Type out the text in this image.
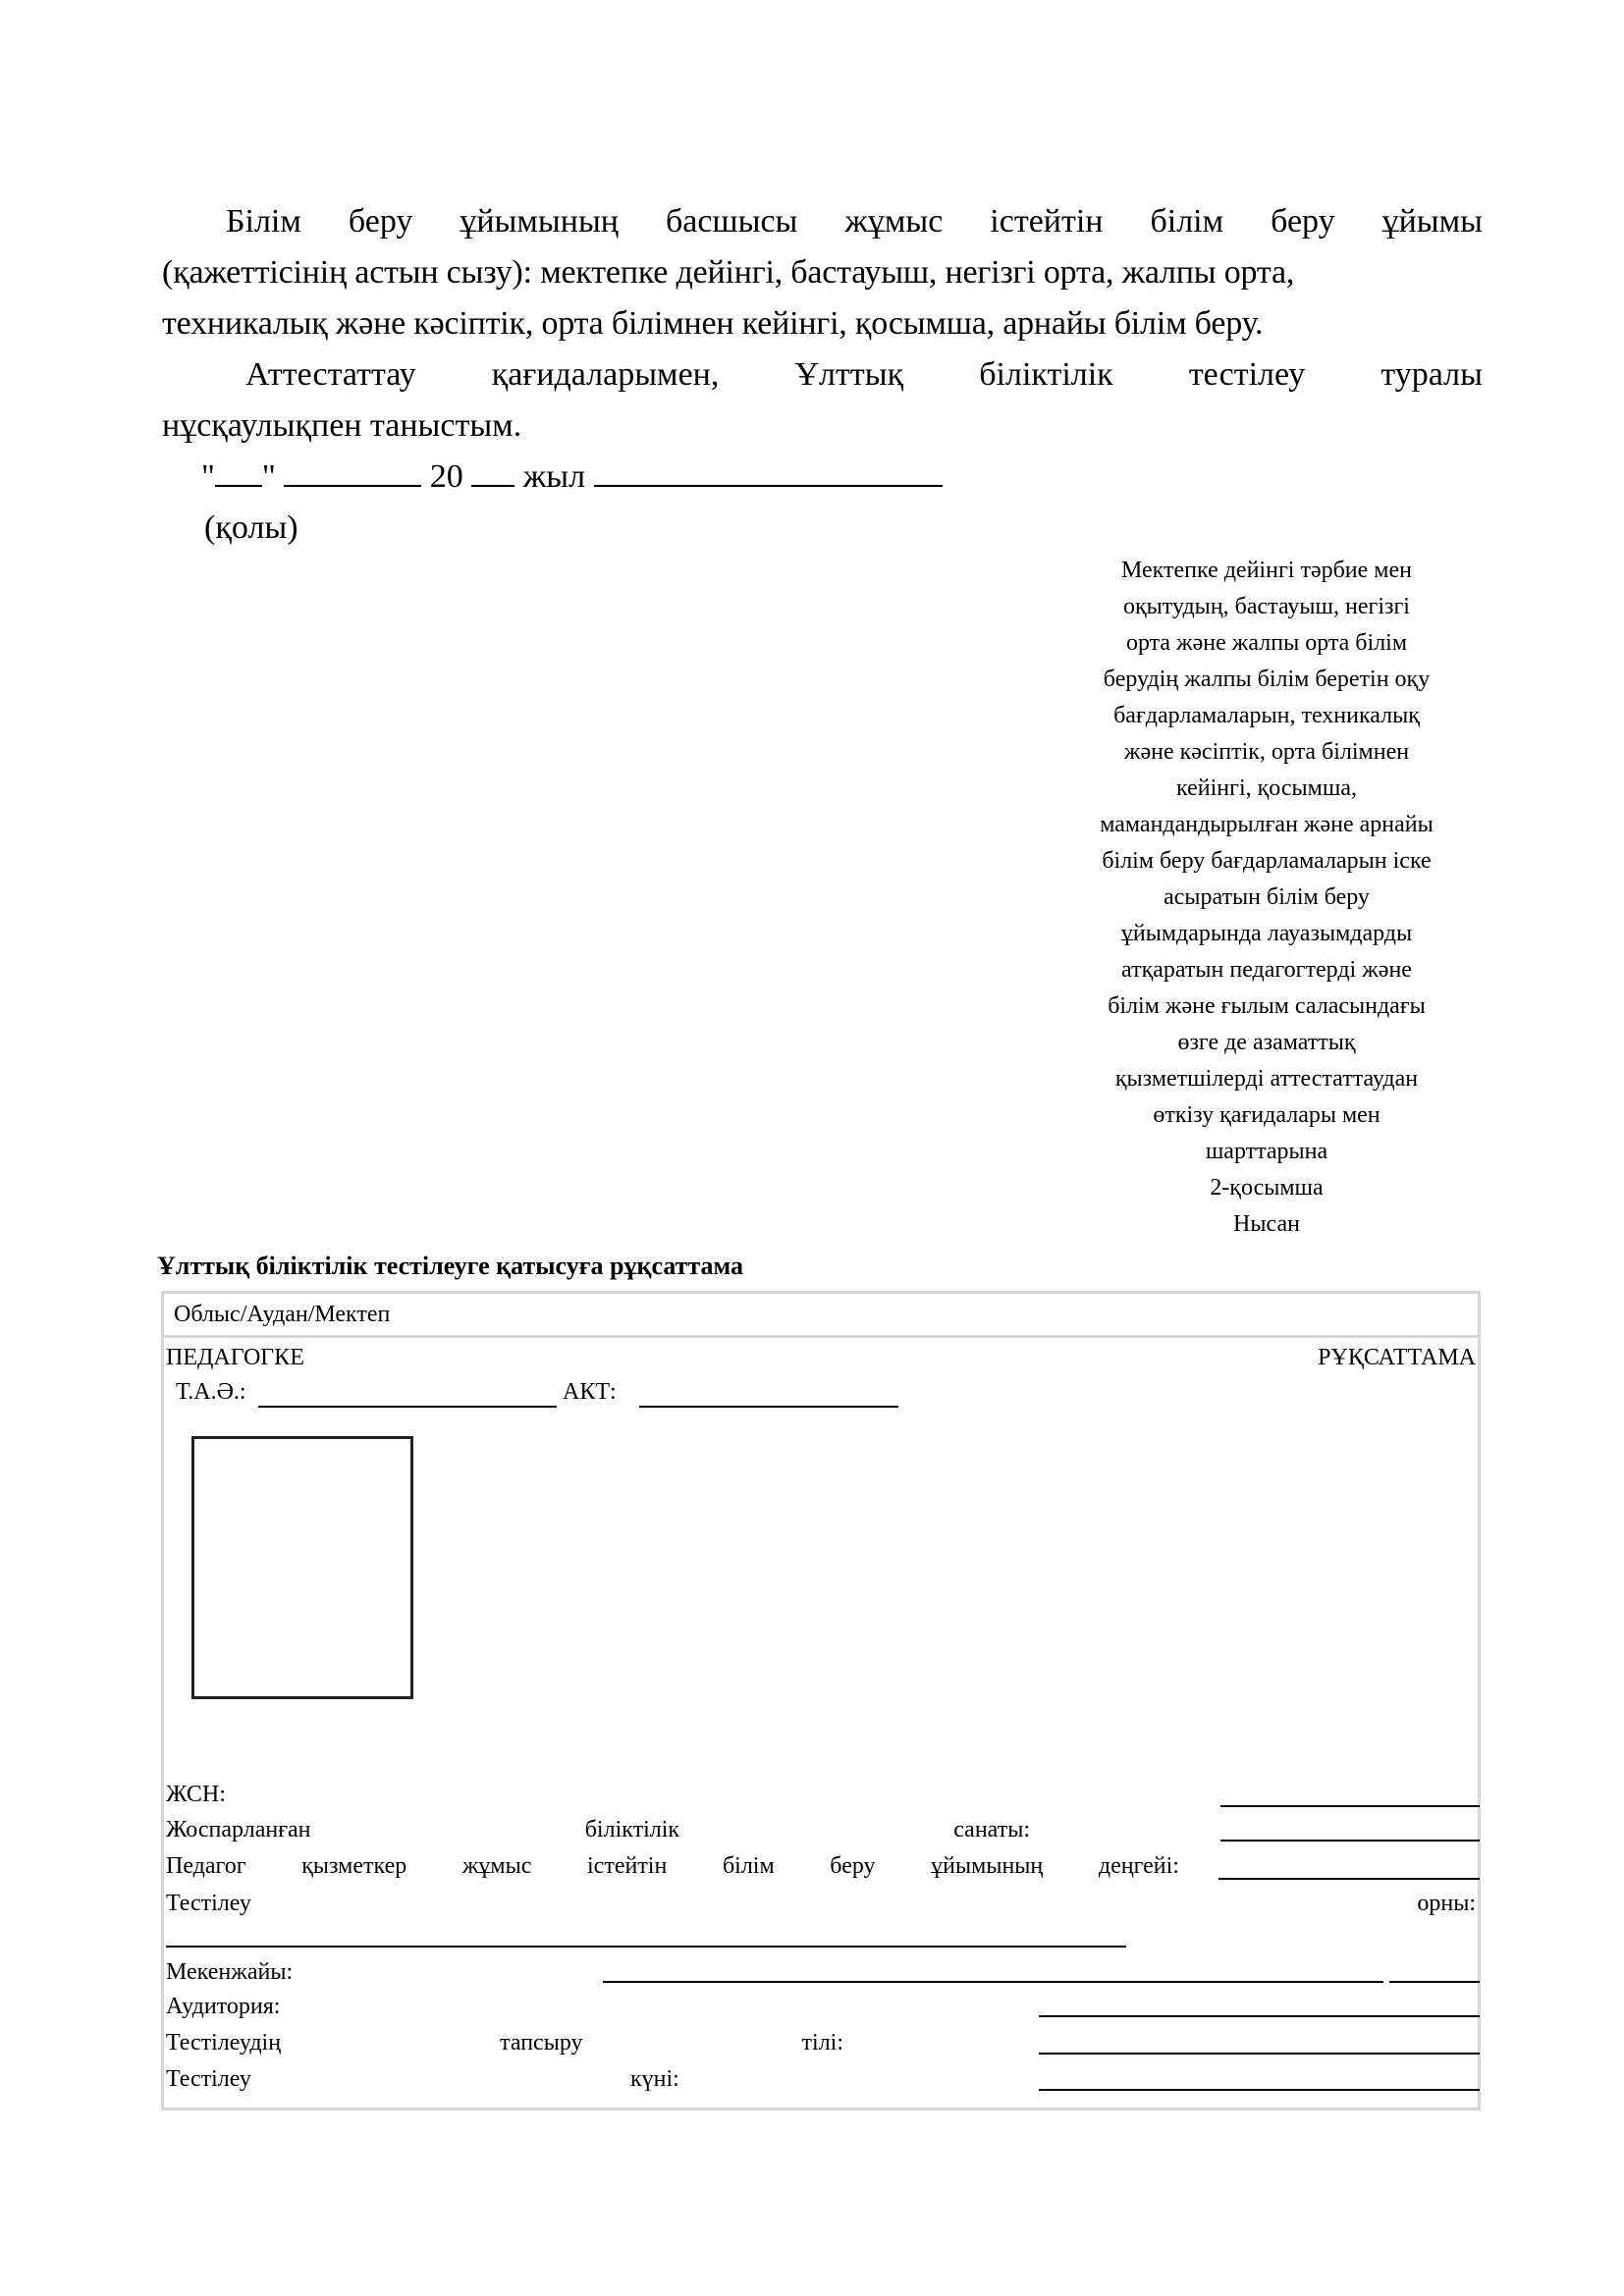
Білім беру ұйымының басшысы жұмыс істейтін білім беру ұйымы
(қажеттісінің астын сызу): мектепке дейінгі, бастауыш, негізгі орта, жалпы орта,
техникалық және кәсіптік, орта білімнен кейінгі, қосымша, арнайы білім беру.
Аттестаттау қағидаларымен, Ұлттық біліктілік тестілеу туралы
нұсқаулықпен таныстым.
" "	20 жыл
(қолы)
Мектепке дейінгі тәрбие мен
оқытудың, бастауыш, негізгі
орта және жалпы орта білім
берудің жалпы білім беретін оқу
бағдарламаларын, техникалық
және кәсіптік, орта білімнен
кейінгі, қосымша,
мамандандырылған және арнайы
білім беру бағдарламаларын іске
асыратын білім беру
ұйымдарында лауазымдарды
атқаратын педагогтерді және
білім және ғылым саласындағы
өзге де азаматтық
қызметшілерді аттестаттаудан
өткізу қағидалары мен
шарттарына
2-қосымша
Нысан
Ұлттық біліктілік тестілеуге қатысуға рұқсаттама
Облыс/Аудан/Мектеп
ПЕДАГОГКЕ	РҰҚСАТТАМА
Т.А.Ә.:	АКТ:
ЖСН:
Жоспарланған	біліктілік	санаты:
Педагог қызметкер жұмыс істейтін білім беру ұйымының деңгейі:
Тестілеу	орны:
Мекенжайы:
Аудитория:
Тестілеудің	тапсыру	тілі:
Тестілеу	күні:
